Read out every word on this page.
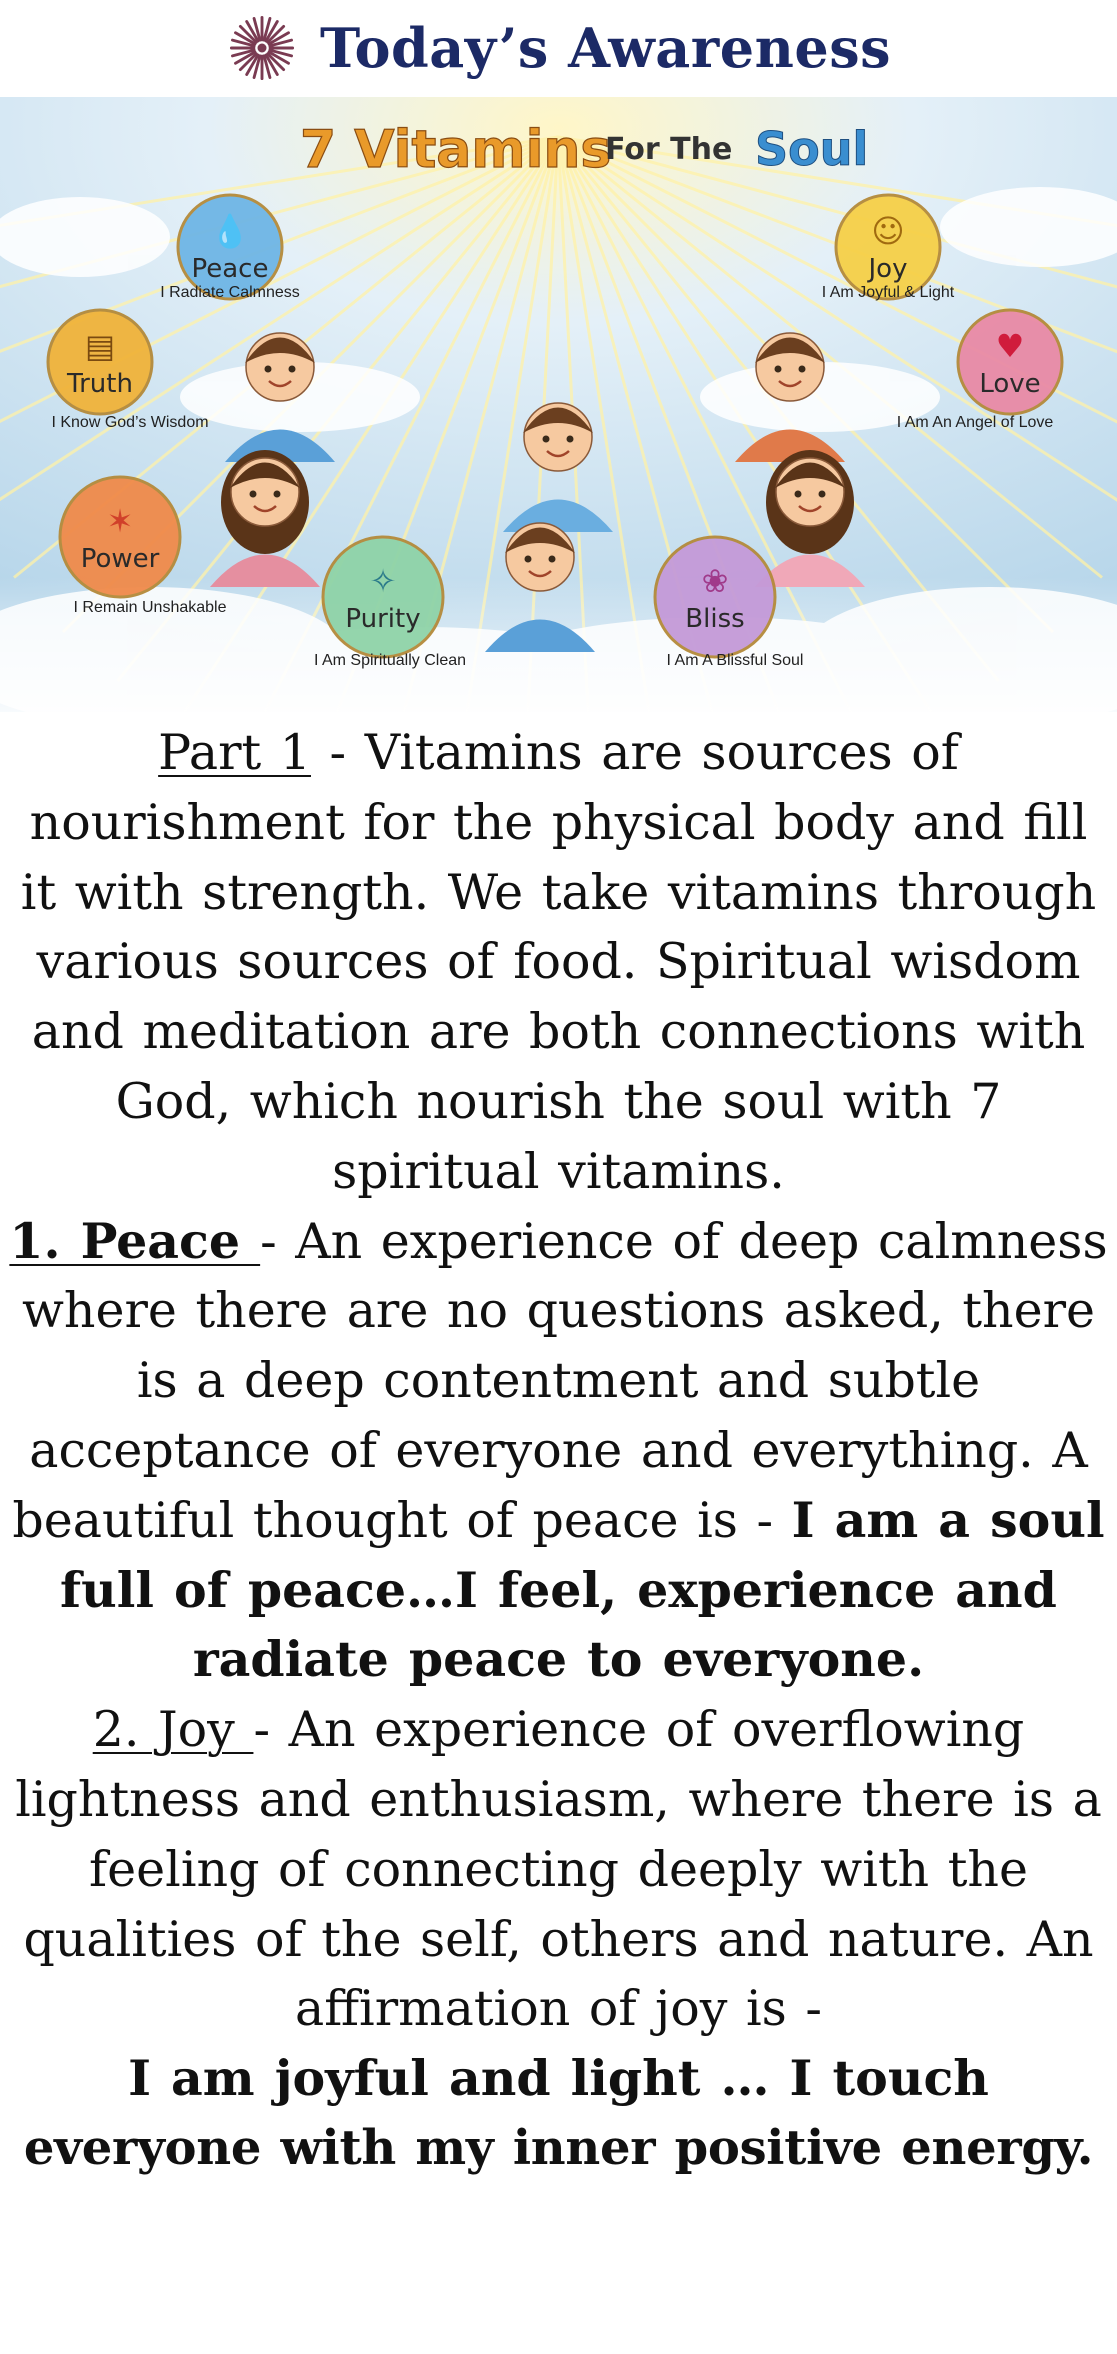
Today’s Awareness
7 Vitamins
For The Soul
💧
Peace
I Radiate Calmness
☺
Joy
I Am Joyful & Light
▤
Truth
I Know God’s Wisdom
♥
Love
I Am An Angel of Love
✶
Power
I Remain Unshakable
✧
Purity
I Am Spiritually Clean
❀
Bliss
I Am A Blissful Soul

Part 1 - Vitamins are sources of nourishment for the physical body and fill it with strength. We take vitamins through various sources of food. Spiritual wisdom and meditation are both connections with God, which nourish the soul with 7 spiritual vitamins.

1. Peace - An experience of deep calmness where there are no questions asked, there is a deep contentment and subtle acceptance of everyone and everything. A beautiful thought of peace is - I am a soul full of peace…I feel, experience and radiate peace to everyone.

2. Joy - An experience of overflowing lightness and enthusiasm, where there is a feeling of connecting deeply with the qualities of the self, others and nature. An affirmation of joy is -

I am joyful and light … I touch

everyone with my inner positive energy.
